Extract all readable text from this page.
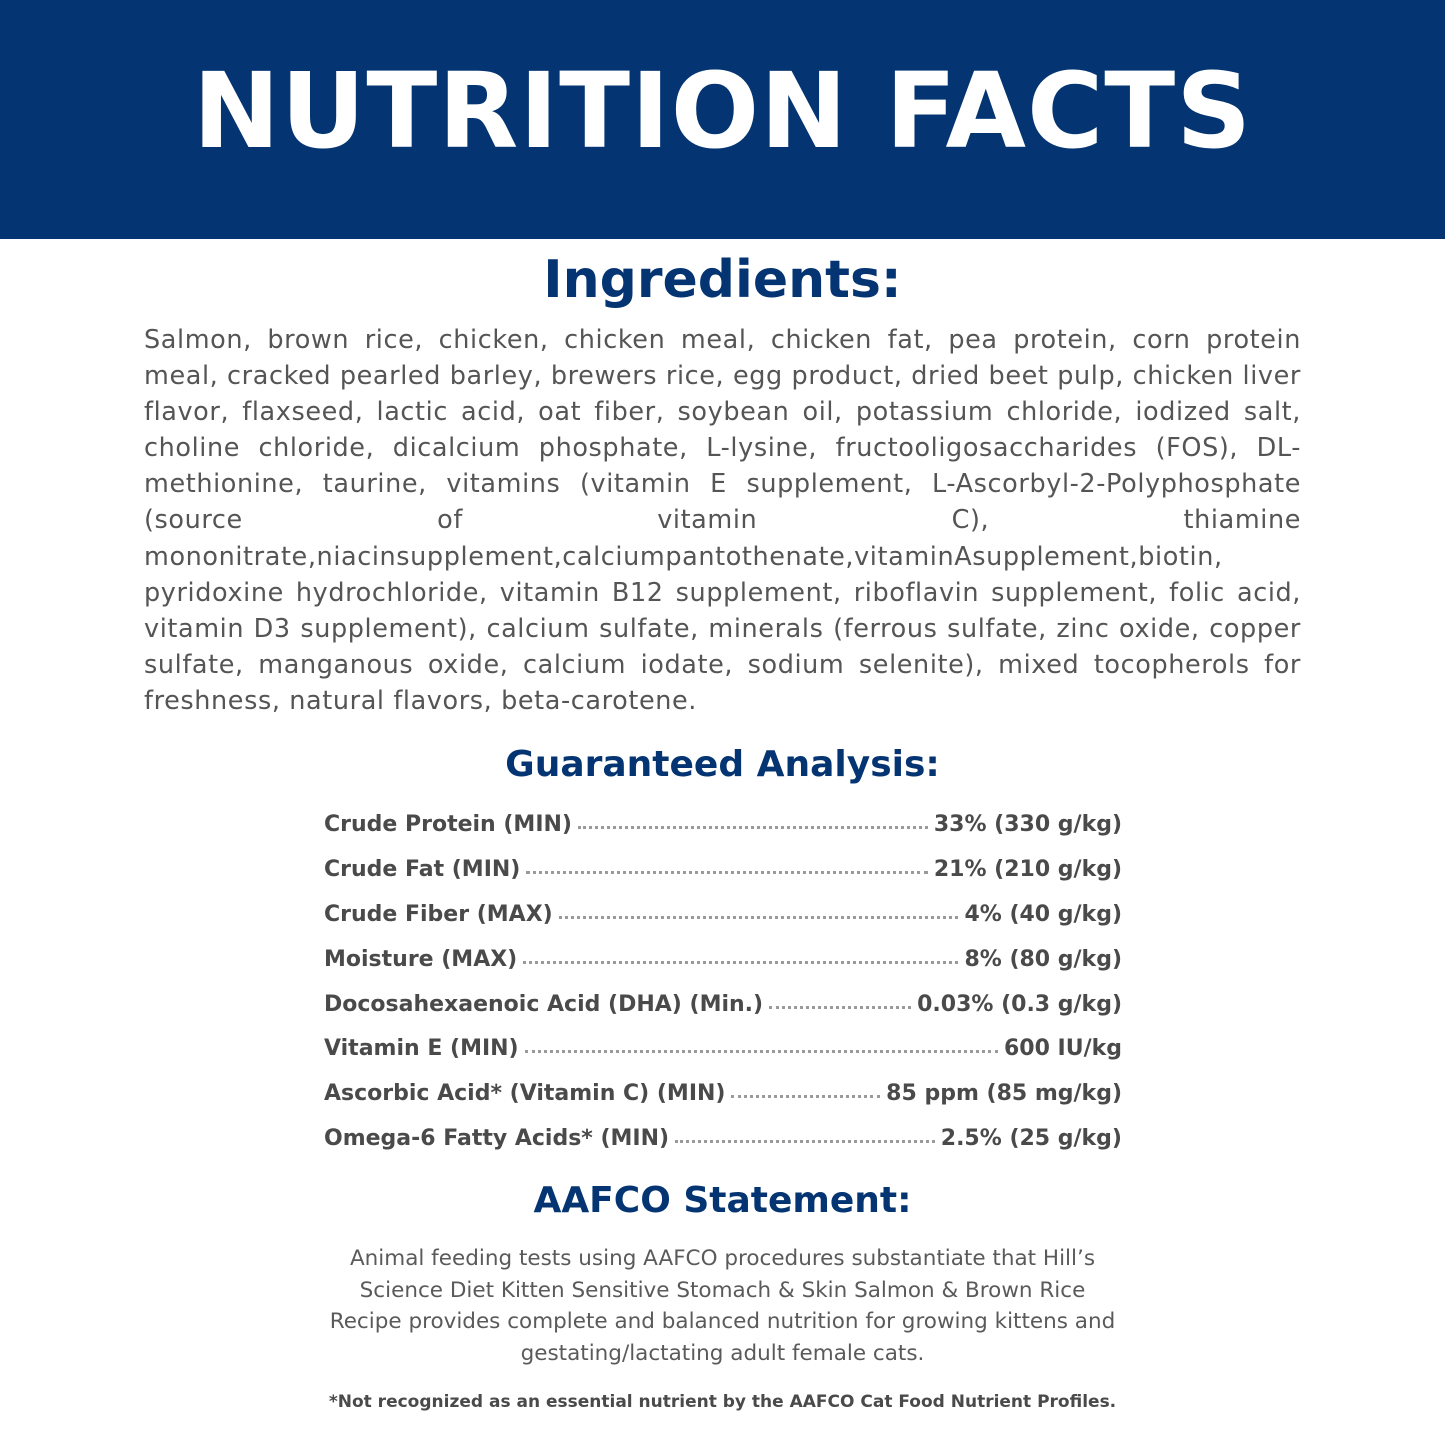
NUTRITION FACTS
Ingredients:
Salmon, brown rice, chicken, chicken meal, chicken fat, pea protein, corn protein meal, cracked pearled barley, brewers rice, egg product, dried beet pulp, chicken liver flavor, flaxseed, lactic acid, oat fiber, soybean oil, potassium chloride, iodized salt, choline chloride, dicalcium phosphate, L-lysine, fructooligosaccharides (FOS), DL-methionine, taurine, vitamins (vitamin E supplement, L-Ascorbyl-2-Polyphosphate (source of vitamin C), thiamine mononitrate,niacinsupplement,calciumpantothenate,vitaminAsupplement,biotin, pyridoxine hydrochloride, vitamin B12 supplement, riboflavin supplement, folic acid, vitamin D3 supplement), calcium sulfate, minerals (ferrous sulfate, zinc oxide, copper sulfate, manganous oxide, calcium iodate, sodium selenite), mixed tocopherols for freshness, natural flavors, beta-carotene.
Guaranteed Analysis:
Crude Protein (MIN)	33% (330 g/kg)
Crude Fat (MIN)	21% (210 g/kg)
Crude Fiber (MAX)	4% (40 g/kg)
Moisture (MAX)	8% (80 g/kg)
Docosahexaenoic Acid (DHA) (Min.)	0.03% (0.3 g/kg)
Vitamin E (MIN)	600 IU/kg
Ascorbic Acid* (Vitamin C) (MIN)	85 ppm (85 mg/kg)
Omega-6 Fatty Acids* (MIN)	2.5% (25 g/kg)
AAFCO Statement:
Animal feeding tests using AAFCO procedures substantiate that Hill’s Science Diet Kitten Sensitive Stomach & Skin Salmon & Brown Rice Recipe provides complete and balanced nutrition for growing kittens and gestating/lactating adult female cats.
*Not recognized as an essential nutrient by the AAFCO Cat Food Nutrient Profiles.
